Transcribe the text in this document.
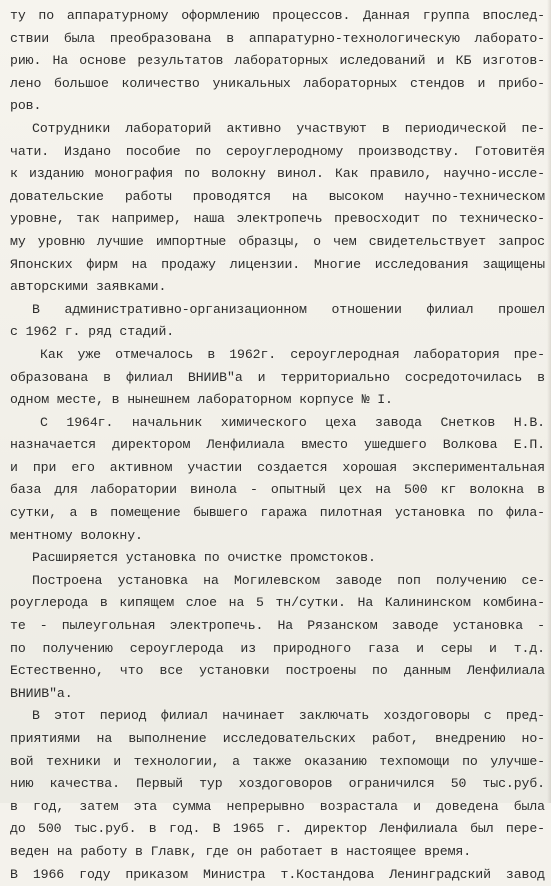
ту по аппаратурному оформлению процессов. Данная группа впослед-
ствии была преобразована в аппаратурно-технологическую лаборато-
рию. На основе результатов лабораторных иследований и КБ изготов-
лено большое количество уникальных лабораторных стендов и прибо-
ров.
Сотрудники лабораторий активно участвуют в периодической пе-
чати. Издано пособие по сероуглеродному производству. Готовитёя
к изданию монография по волокну винол. Как правило, научно-иссле-
довательские работы проводятся на высоком научно-техническом
уровне, так например, наша электропечь превосходит по техническо-
му уровню лучшие импортные образцы, о чем свидетельствует запрос
Японских фирм на продажу лицензии. Многие исследования защищены
авторскими заявками.
В административно-организационном отношении филиал прошел
с 1962 г. ряд стадий.
Как уже отмечалось в 1962г. сероуглеродная лаборатория пре-
образована в филиал ВНИИВ"а и территориально сосредоточилась в
одном месте, в нынешнем лабораторном корпусе № I.
С 1964г. начальник химического цеха завода Снетков Н.В.
назначается директором Ленфилиала вместо ушедшего Волкова Е.П.
и при его активном участии создается хорошая экспериментальная
база для лаборатории винола - опытный цех на 500 кг волокна в
сутки, а в помещение бывшего гаража пилотная установка по фила-
ментному волокну.
Расширяется установка по очистке промстоков.
Построена установка на Могилевском заводе поп получению се-
роуглерода в кипящем слое на 5 тн/сутки. На Калининском комбина-
те - пылеугольная электропечь. На Рязанском заводе установка -
по получению сероуглерода из природного газа и серы и т.д.
Естественно, что все установки построены по данным Ленфилиала
ВНИИВ"а.
В этот период филиал начинает заключать хоздоговоры с пред-
приятиями на выполнение исследовательских работ, внедрению но-
вой техники и технологии, а также оказанию техпомощи по улучше-
нию качества. Первый тур хоздоговоров ограничился 50 тыс.руб.
в год, затем эта сумма непрерывно возрастала и доведена была
до 500 тыс.руб. в год. В 1965 г. директор Ленфилиала был пере-
веден на работу в Главк, где он работает в настоящее время.
В 1966 году приказом Министра т.Костандова Ленинградский завод
